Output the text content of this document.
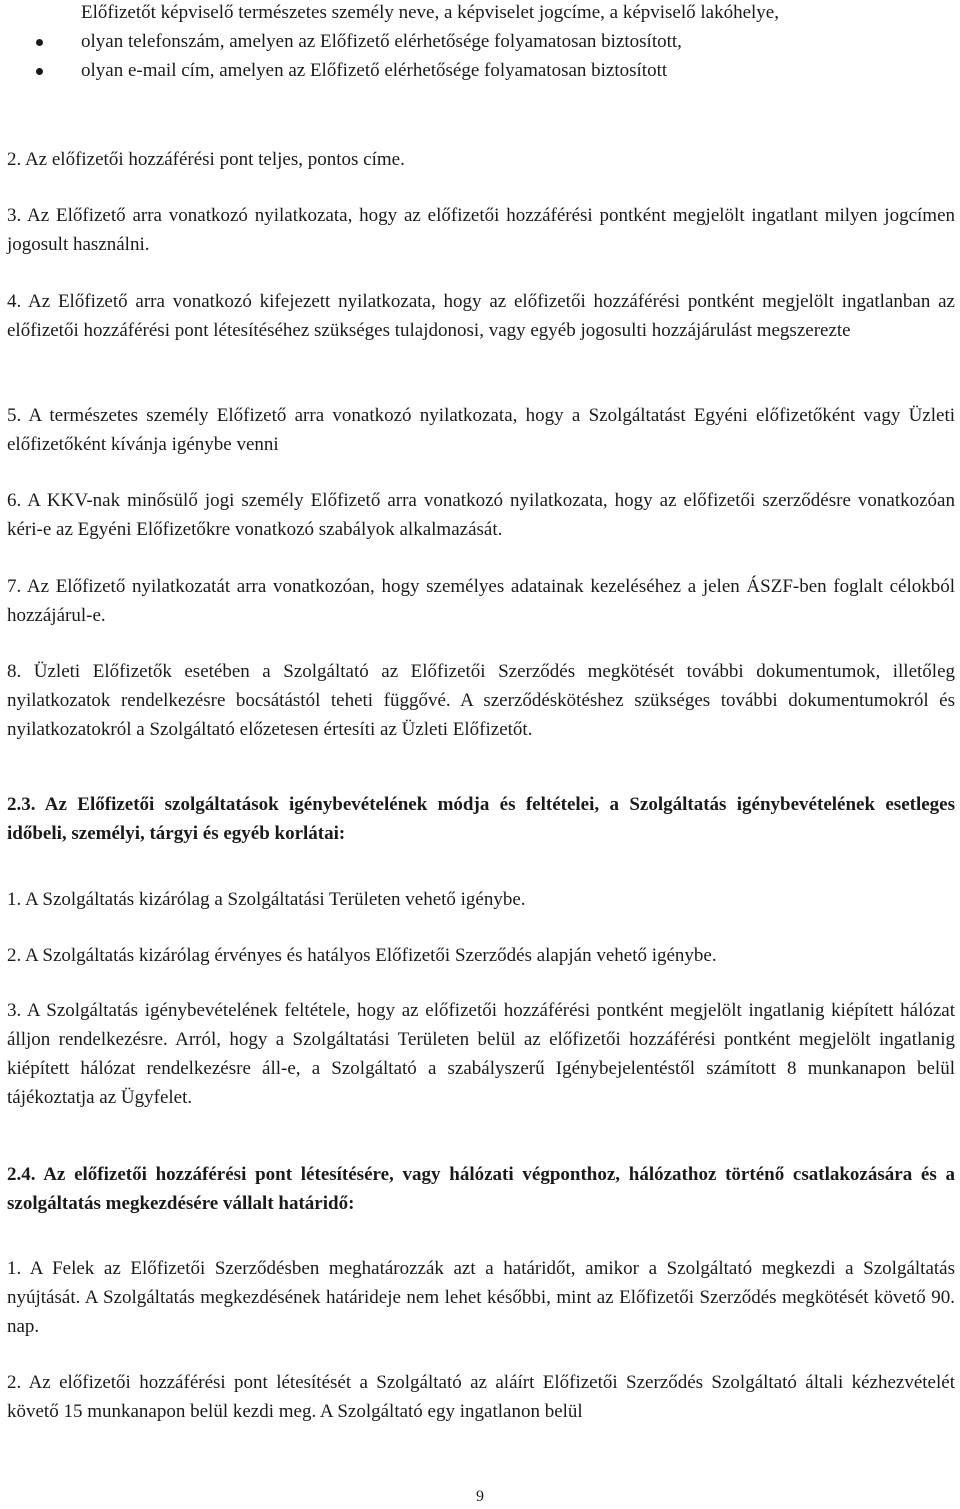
Előfizetőt képviselő természetes személy neve, a képviselet jogcíme, a képviselő lakóhelye,
olyan telefonszám, amelyen az Előfizető elérhetősége folyamatosan biztosított,
olyan e-mail cím, amelyen az Előfizető elérhetősége folyamatosan biztosított

2. Az előfizetői hozzáférési pont teljes, pontos címe.

3. Az Előfizető arra vonatkozó nyilatkozata, hogy az előfizetői hozzáférési pontként megjelölt ingatlant milyen jogcímen jogosult használni.

4. Az Előfizető arra vonatkozó kifejezett nyilatkozata, hogy az előfizetői hozzáférési pontként megjelölt ingatlanban az előfizetői hozzáférési pont létesítéséhez szükséges tulajdonosi, vagy egyéb jogosulti hozzájárulást megszerezte

5. A természetes személy Előfizető arra vonatkozó nyilatkozata, hogy a Szolgáltatást Egyéni előfizetőként vagy Üzleti előfizetőként kívánja igénybe venni

6. A KKV-nak minősülő jogi személy Előfizető arra vonatkozó nyilatkozata, hogy az előfizetői szerződésre vonatkozóan kéri-e az Egyéni Előfizetőkre vonatkozó szabályok alkalmazását.

7. Az Előfizető nyilatkozatát arra vonatkozóan, hogy személyes adatainak kezeléséhez a jelen ÁSZF-ben foglalt célokból hozzájárul-e.

8. Üzleti Előfizetők esetében a Szolgáltató az Előfizetői Szerződés megkötését további dokumentumok, illetőleg nyilatkozatok rendelkezésre bocsátástól teheti függővé. A szerződéskötéshez szükséges további dokumentumokról és nyilatkozatokról a Szolgáltató előzetesen értesíti az Üzleti Előfizetőt.

2.3. Az Előfizetői szolgáltatások igénybevételének módja és feltételei, a Szolgáltatás igénybevételének esetleges időbeli, személyi, tárgyi és egyéb korlátai:

1. A Szolgáltatás kizárólag a Szolgáltatási Területen vehető igénybe.

2. A Szolgáltatás kizárólag érvényes és hatályos Előfizetői Szerződés alapján vehető igénybe.

3. A Szolgáltatás igénybevételének feltétele, hogy az előfizetői hozzáférési pontként megjelölt ingatlanig kiépített hálózat álljon rendelkezésre. Arról, hogy a Szolgáltatási Területen belül az előfizetői hozzáférési pontként megjelölt ingatlanig kiépített hálózat rendelkezésre áll-e, a Szolgáltató a szabályszerű Igénybejelentéstől számított 8 munkanapon belül tájékoztatja az Ügyfelet.

2.4. Az előfizetői hozzáférési pont létesítésére, vagy hálózati végponthoz, hálózathoz történő csatlakozására és a szolgáltatás megkezdésére vállalt határidő:

1. A Felek az Előfizetői Szerződésben meghatározzák azt a határidőt, amikor a Szolgáltató megkezdi a Szolgáltatás nyújtását. A Szolgáltatás megkezdésének határideje nem lehet későbbi, mint az Előfizetői Szerződés megkötését követő 90. nap.

2. Az előfizetői hozzáférési pont létesítését a Szolgáltató az aláírt Előfizetői Szerződés Szolgáltató általi kézhezvételét követő 15 munkanapon belül kezdi meg. A Szolgáltató egy ingatlanon belül

9
